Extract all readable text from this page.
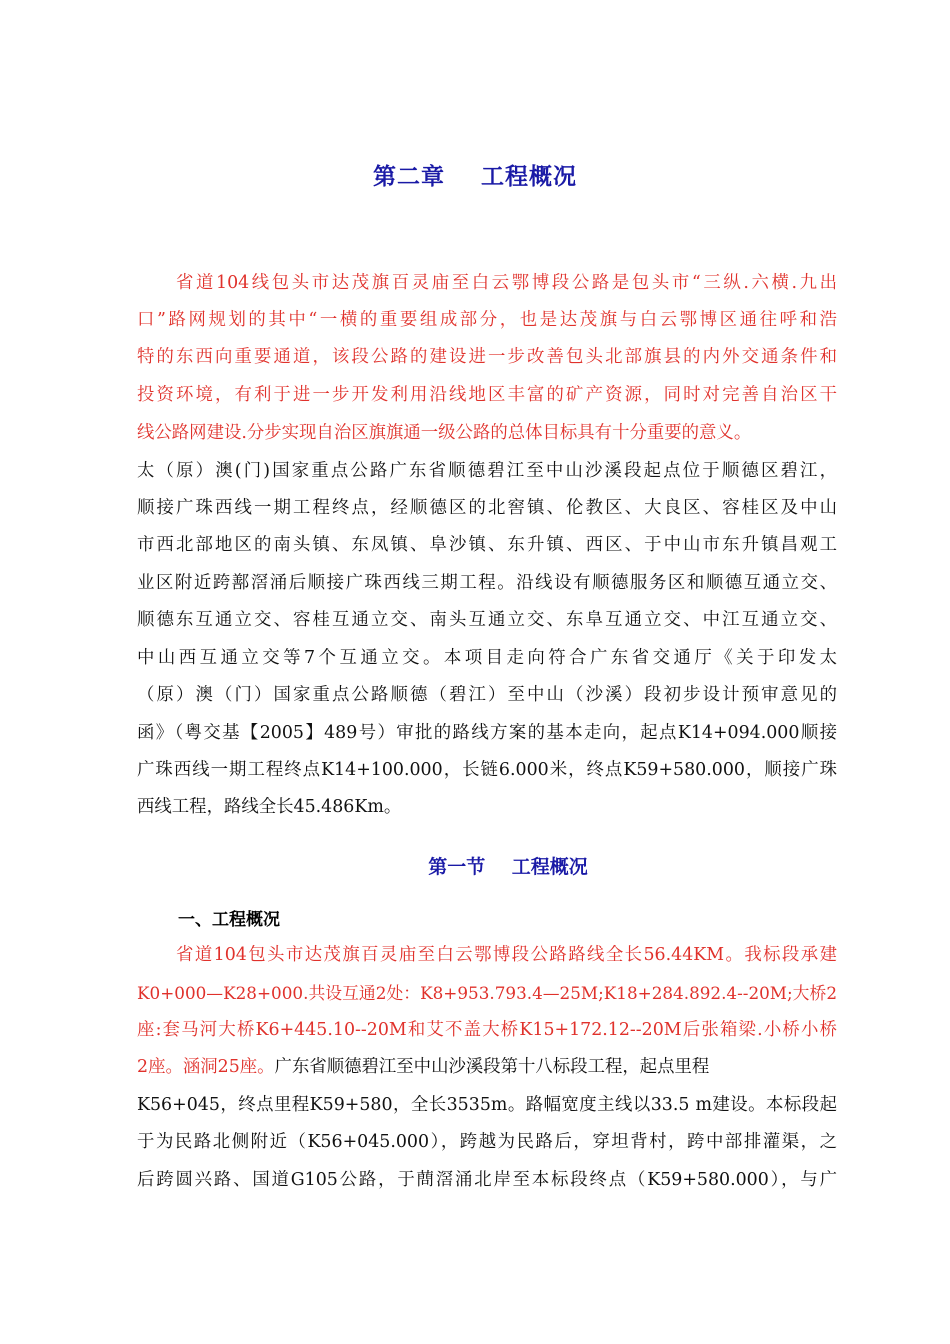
第二章    工程概况
省道104线包头市达茂旗百灵庙至白云鄂博段公路是包头市“三纵.六横.九出
口”路网规划的其中“一横的重要组成部分，也是达茂旗与白云鄂博区通往呼和浩
特的东西向重要通道，该段公路的建设进一步改善包头北部旗县的内外交通条件和
投资环境，有利于进一步开发利用沿线地区丰富的矿产资源，同时对完善自治区干
线公路网建设.分步实现自治区旗旗通一级公路的总体目标具有十分重要的意义。
太（原）澳(门)国家重点公路广东省顺德碧江至中山沙溪段起点位于顺德区碧江，
顺接广珠西线一期工程终点，经顺德区的北窖镇、伦教区、大良区、容桂区及中山
市西北部地区的南头镇、东凤镇、阜沙镇、东升镇、西区、于中山市东升镇昌观工
业区附近跨鄯滘涌后顺接广珠西线三期工程。沿线设有顺德服务区和顺德互通立交、
顺德东互通立交、容桂互通立交、南头互通立交、东阜互通立交、中江互通立交、
中山西互通立交等7个互通立交。本项目走向符合广东省交通厅《关于印发太
（原）澳（门）国家重点公路顺德（碧江）至中山（沙溪）段初步设计预审意见的
函》（粤交基【2005】489号）审批的路线方案的基本走向，起点K14+094.000顺接
广珠西线一期工程终点K14+100.000，长链6.000米，终点K59+580.000，顺接广珠
西线工程，路线全长45.486Km。
第一节    工程概况
一、工程概况
省道104包头市达茂旗百灵庙至白云鄂博段公路路线全长56.44KM。我标段承建
K0+000—K28+000.共设互通2处：K8+953.793.4—25M;K18+284.892.4--20M;大桥2
座:套马河大桥K6+445.10--20M和艾不盖大桥K15+172.12--20M后张箱梁.小桥小桥
2座。涵洞25座。广东省顺德碧江至中山沙溪段第十八标段工程，起点里程
K56+045，终点里程K59+580，全长3535m。路幅宽度主线以33.5 m建设。本标段起
于为民路北侧附近（K56+045.000），跨越为民路后，穿坦背村，跨中部排灌渠，之
后跨圆兴路、国道G105公路，于蔄滘涌北岸至本标段终点（K59+580.000），与广
